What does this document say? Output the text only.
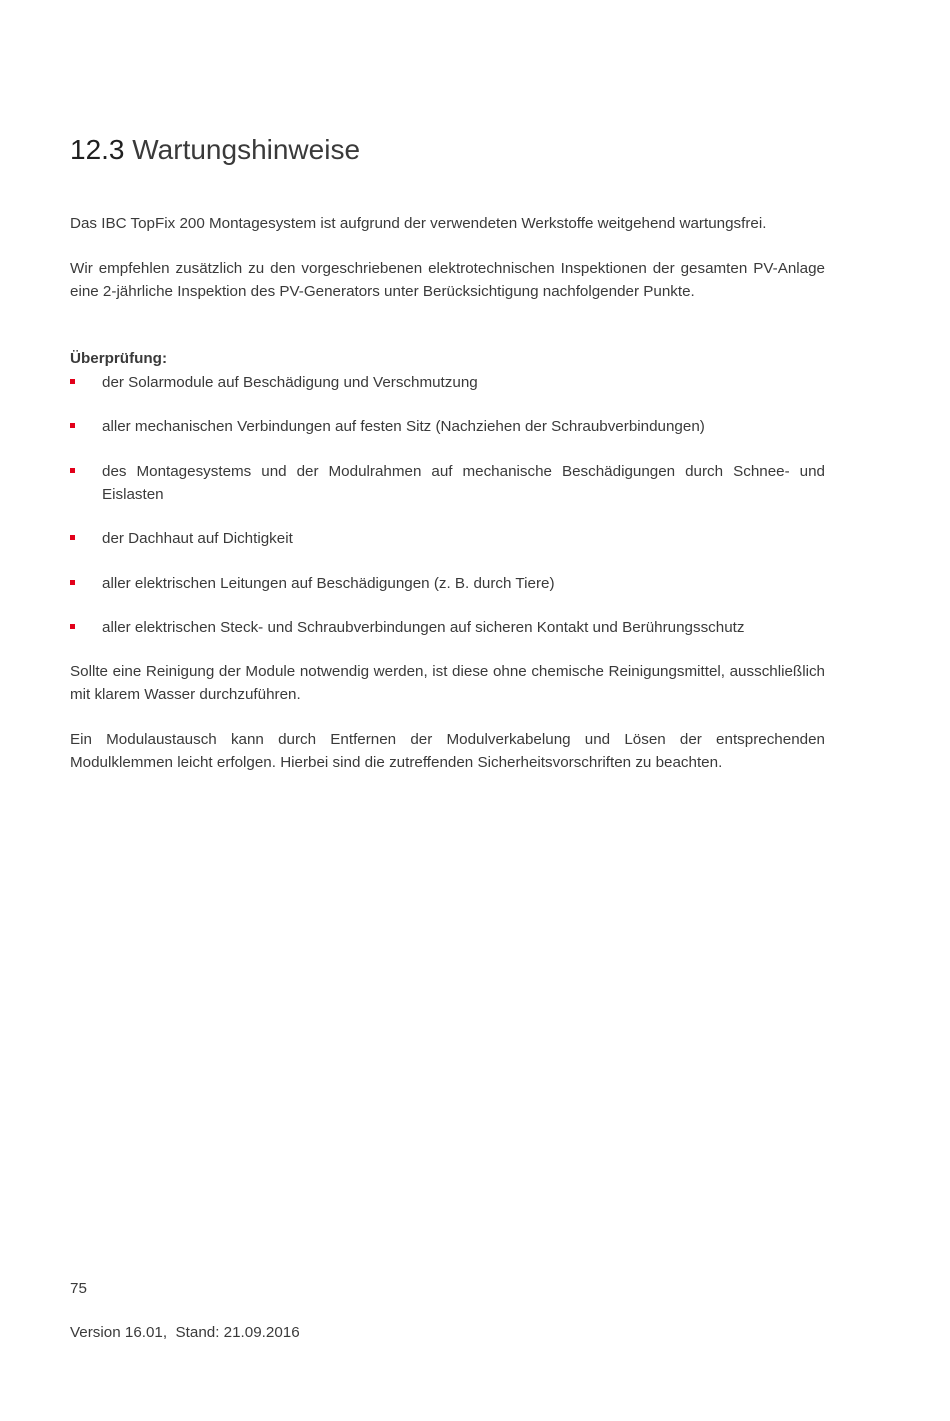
12.3 Wartungshinweise

Das IBC TopFix 200 Montagesystem ist aufgrund der verwendeten Werkstoffe weitgehend wartungsfrei.

Wir empfehlen zusätzlich zu den vorgeschriebenen elektrotechnischen Inspektionen der gesamten PV-Anlage eine 2-jährliche Inspektion des PV-Generators unter Berücksichtigung nachfolgender Punkte.

Überprüfung:

der Solarmodule auf Beschädigung und Verschmutzung

aller mechanischen Verbindungen auf festen Sitz (Nachziehen der Schraubverbindungen)

des Montagesystems und der Modulrahmen auf mechanische Beschädigungen durch Schnee- und Eislasten

der Dachhaut auf Dichtigkeit

aller elektrischen Leitungen auf Beschädigungen (z. B. durch Tiere)

aller elektrischen Steck- und Schraubverbindungen auf sicheren Kontakt und Berührungsschutz

Sollte eine Reinigung der Module notwendig werden, ist diese ohne chemische Reinigungsmittel, ausschließlich mit klarem Wasser durchzuführen.

Ein Modulaustausch kann durch Entfernen der Modulverkabelung und Lösen der entsprechenden Modulklemmen leicht erfolgen. Hierbei sind die zutreffenden Sicherheitsvorschriften zu beachten.

75

Version 16.01,  Stand: 21.09.2016
